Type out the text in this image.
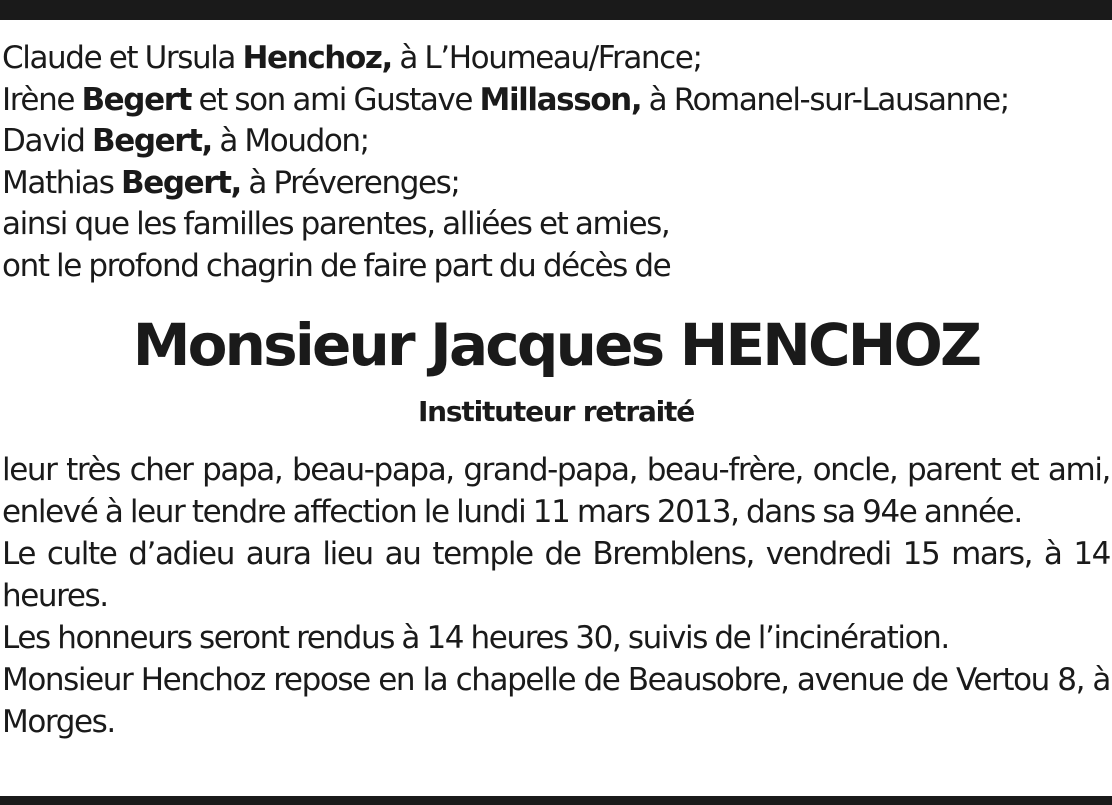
Claude et Ursula Henchoz, à L’Houmeau/France;
Irène Begert et son ami Gustave Millasson, à Romanel-sur-Lausanne;
David Begert, à Moudon;
Mathias Begert, à Préverenges;
ainsi que les familles parentes, alliées et amies,
ont le profond chagrin de faire part du décès de
Monsieur Jacques HENCHOZ
Instituteur retraité
leur très cher papa, beau-papa, grand-papa, beau-frère, oncle, parent et ami, enlevé à leur tendre affection le lundi 11 mars 2013, dans sa 94e année.
Le culte d’adieu aura lieu au temple de Bremblens, vendredi 15 mars, à 14 heures.
Les honneurs seront rendus à 14 heures 30, suivis de l’incinération.
Monsieur Henchoz repose en la chapelle de Beausobre, avenue de Vertou 8, à Morges.
